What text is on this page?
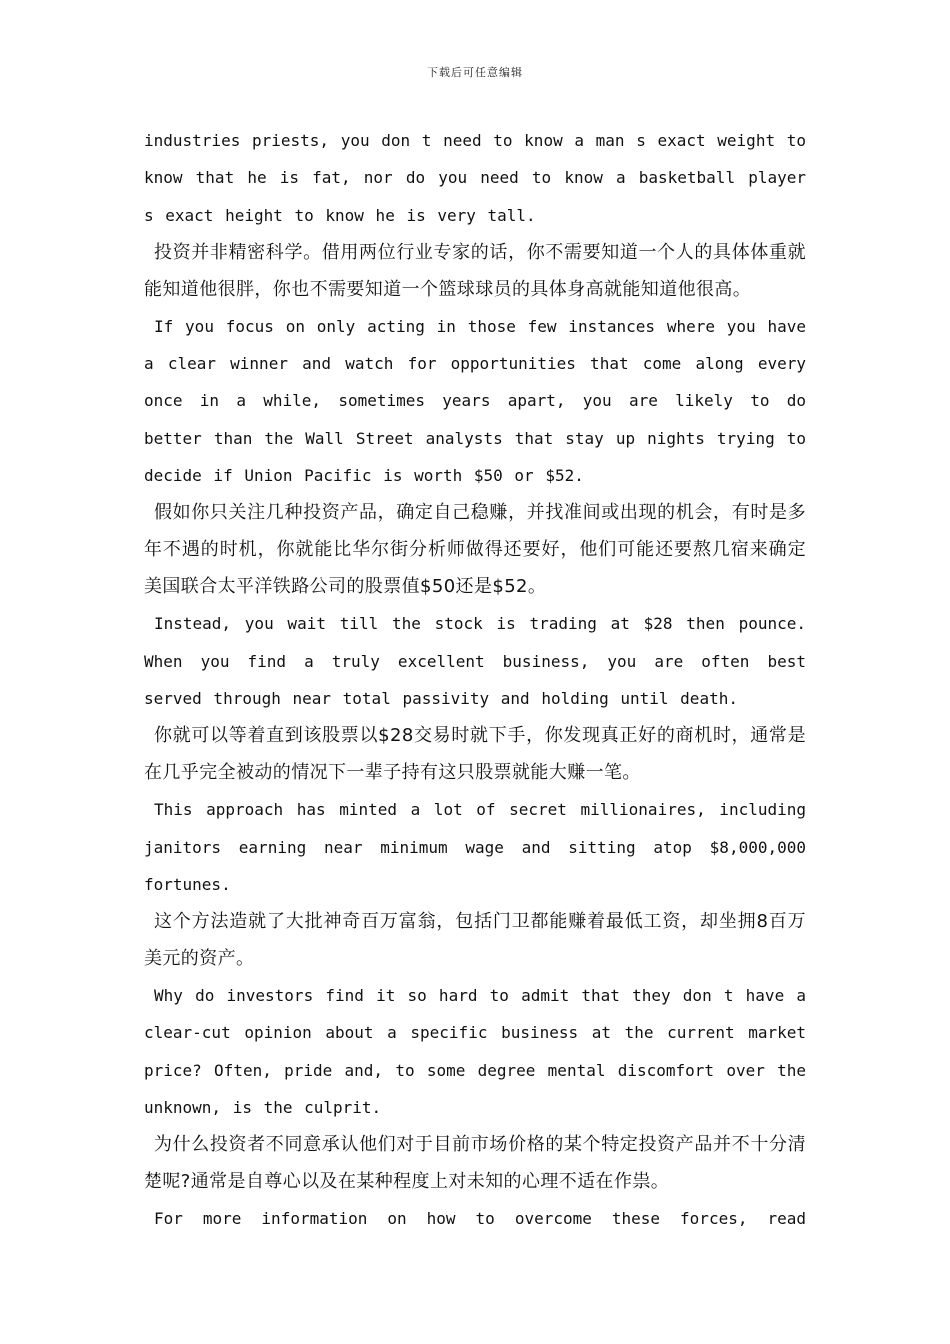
下载后可任意编辑

industries priests, you don t need to know a man s exact weight to know that he is fat, nor do you need to know a basketball player s exact height to know he is very tall.

投资并非精密科学。借用两位行业专家的话，你不需要知道一个人的具体体重就能知道他很胖，你也不需要知道一个篮球球员的具体身高就能知道他很高。

If you focus on only acting in those few instances where you have a clear winner and watch for opportunities that come along every once in a while, sometimes years apart, you are likely to do better than the Wall Street analysts that stay up nights trying to decide if Union Pacific is worth $50 or $52.

假如你只关注几种投资产品，确定自己稳赚，并找准间或出现的机会，有时是多年不遇的时机，你就能比华尔街分析师做得还要好，他们可能还要熬几宿来确定美国联合太平洋铁路公司的股票值$50还是$52。

Instead, you wait till the stock is trading at $28 then pounce. When you find a truly excellent business, you are often best served through near total passivity and holding until death.

你就可以等着直到该股票以$28交易时就下手，你发现真正好的商机时，通常是在几乎完全被动的情况下一辈子持有这只股票就能大赚一笔。

This approach has minted a lot of secret millionaires, including janitors earning near minimum wage and sitting atop $8,000,000 fortunes.

这个方法造就了大批神奇百万富翁，包括门卫都能赚着最低工资，却坐拥8百万美元的资产。

Why do investors find it so hard to admit that they don t have a clear-cut opinion about a specific business at the current market price? Often, pride and, to some degree mental discomfort over the unknown, is the culprit.

为什么投资者不同意承认他们对于目前市场价格的某个特定投资产品并不十分清楚呢?通常是自尊心以及在某种程度上对未知的心理不适在作祟。

For more information on how to overcome these forces, read
